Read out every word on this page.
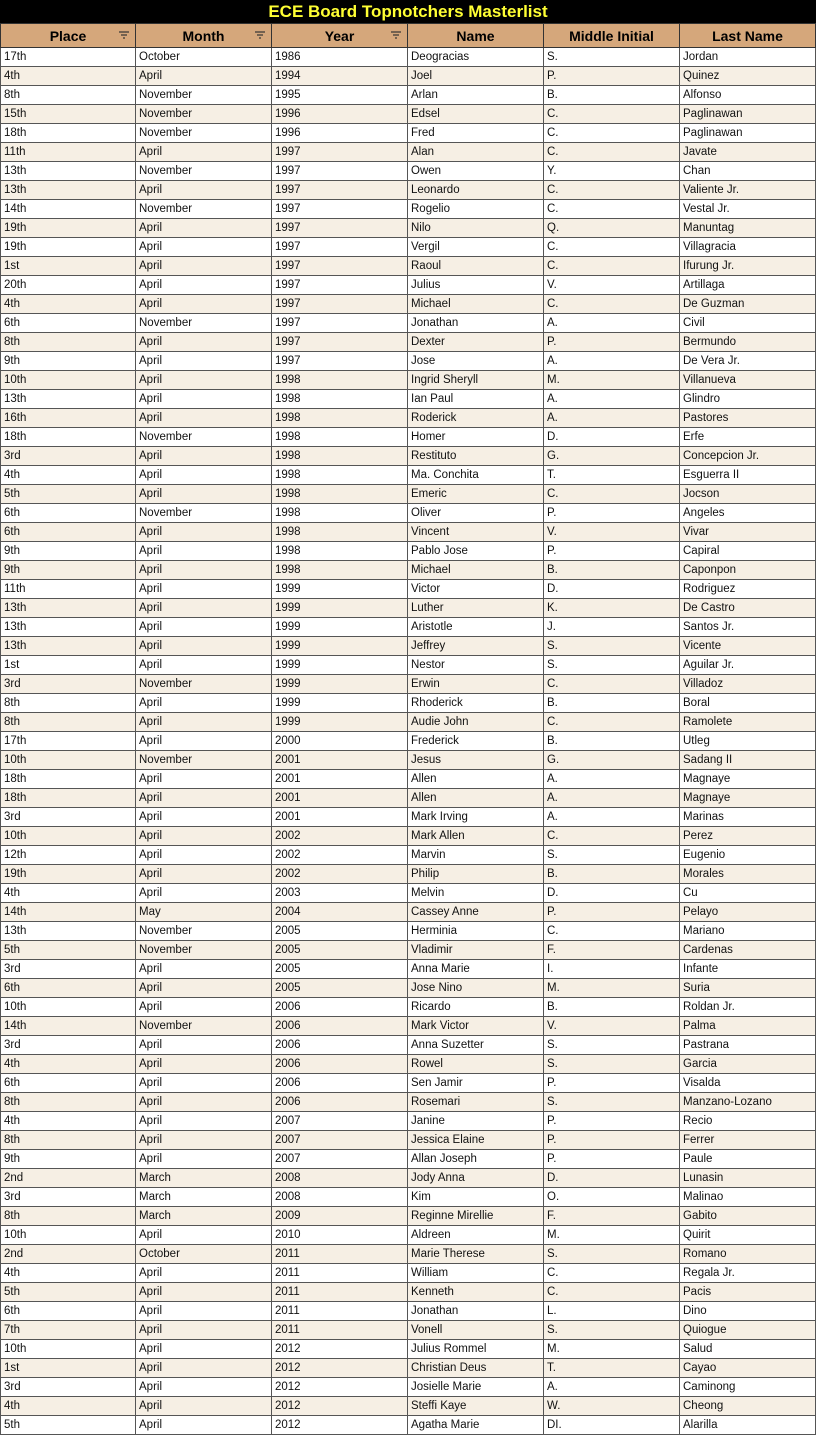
ECE Board Topnotchers Masterlist
Place	Month	Year	Name	Middle Initial	Last Name
17th	October	1986	Deogracias	S.	Jordan
4th	April	1994	Joel	P.	Quinez
8th	November	1995	Arlan	B.	Alfonso
15th	November	1996	Edsel	C.	Paglinawan
18th	November	1996	Fred	C.	Paglinawan
11th	April	1997	Alan	C.	Javate
13th	November	1997	Owen	Y.	Chan
13th	April	1997	Leonardo	C.	Valiente Jr.
14th	November	1997	Rogelio	C.	Vestal Jr.
19th	April	1997	Nilo	Q.	Manuntag
19th	April	1997	Vergil	C.	Villagracia
1st	April	1997	Raoul	C.	Ifurung Jr.
20th	April	1997	Julius	V.	Artillaga
4th	April	1997	Michael	C.	De Guzman
6th	November	1997	Jonathan	A.	Civil
8th	April	1997	Dexter	P.	Bermundo
9th	April	1997	Jose	A.	De Vera Jr.
10th	April	1998	Ingrid Sheryll	M.	Villanueva
13th	April	1998	Ian Paul	A.	Glindro
16th	April	1998	Roderick	A.	Pastores
18th	November	1998	Homer	D.	Erfe
3rd	April	1998	Restituto	G.	Concepcion Jr.
4th	April	1998	Ma. Conchita	T.	Esguerra II
5th	April	1998	Emeric	C.	Jocson
6th	November	1998	Oliver	P.	Angeles
6th	April	1998	Vincent	V.	Vivar
9th	April	1998	Pablo Jose	P.	Capiral
9th	April	1998	Michael	B.	Caponpon
11th	April	1999	Victor	D.	Rodriguez
13th	April	1999	Luther	K.	De Castro
13th	April	1999	Aristotle	J.	Santos Jr.
13th	April	1999	Jeffrey	S.	Vicente
1st	April	1999	Nestor	S.	Aguilar Jr.
3rd	November	1999	Erwin	C.	Villadoz
8th	April	1999	Rhoderick	B.	Boral
8th	April	1999	Audie John	C.	Ramolete
17th	April	2000	Frederick	B.	Utleg
10th	November	2001	Jesus	G.	Sadang II
18th	April	2001	Allen	A.	Magnaye
18th	April	2001	Allen	A.	Magnaye
3rd	April	2001	Mark Irving	A.	Marinas
10th	April	2002	Mark Allen	C.	Perez
12th	April	2002	Marvin	S.	Eugenio
19th	April	2002	Philip	B.	Morales
4th	April	2003	Melvin	D.	Cu
14th	May	2004	Cassey Anne	P.	Pelayo
13th	November	2005	Herminia	C.	Mariano
5th	November	2005	Vladimir	F.	Cardenas
3rd	April	2005	Anna Marie	I.	Infante
6th	April	2005	Jose Nino	M.	Suria
10th	April	2006	Ricardo	B.	Roldan Jr.
14th	November	2006	Mark Victor	V.	Palma
3rd	April	2006	Anna Suzetter	S.	Pastrana
4th	April	2006	Rowel	S.	Garcia
6th	April	2006	Sen Jamir	P.	Visalda
8th	April	2006	Rosemari	S.	Manzano-Lozano
4th	April	2007	Janine	P.	Recio
8th	April	2007	Jessica Elaine	P.	Ferrer
9th	April	2007	Allan Joseph	P.	Paule
2nd	March	2008	Jody Anna	D.	Lunasin
3rd	March	2008	Kim	O.	Malinao
8th	March	2009	Reginne Mirellie	F.	Gabito
10th	April	2010	Aldreen	M.	Quirit
2nd	October	2011	Marie Therese	S.	Romano
4th	April	2011	William	C.	Regala Jr.
5th	April	2011	Kenneth	C.	Pacis
6th	April	2011	Jonathan	L.	Dino
7th	April	2011	Vonell	S.	Quiogue
10th	April	2012	Julius Rommel	M.	Salud
1st	April	2012	Christian Deus	T.	Cayao
3rd	April	2012	Josielle Marie	A.	Caminong
4th	April	2012	Steffi Kaye	W.	Cheong
5th	April	2012	Agatha Marie	DI.	Alarilla
